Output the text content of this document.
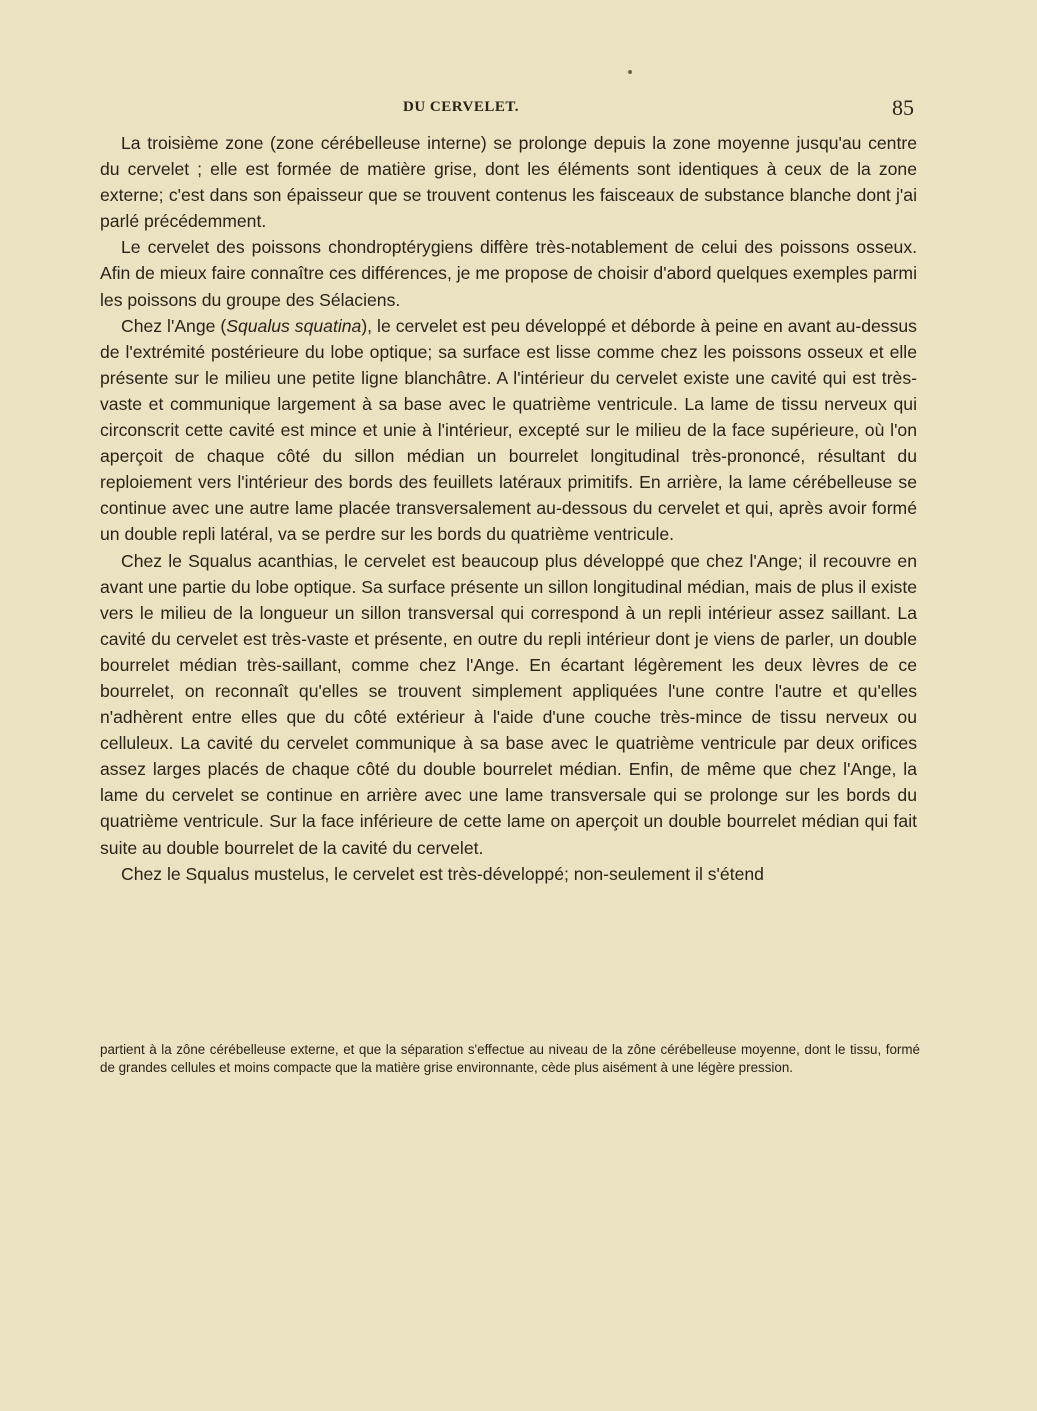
DU CERVELET.	85

La troisième zone (zone cérébelleuse interne) se prolonge depuis la zone moyenne jusqu'au centre du cervelet ; elle est formée de matière grise, dont les éléments sont identiques à ceux de la zone externe; c'est dans son épaisseur que se trouvent contenus les faisceaux de substance blanche dont j'ai parlé précédemment.

Le cervelet des poissons chondroptérygiens diffère très-notablement de celui des poissons osseux. Afin de mieux faire connaître ces différences, je me propose de choisir d'abord quelques exemples parmi les poissons du groupe des Sélaciens.

Chez l'Ange (Squalus squatina), le cervelet est peu développé et déborde à peine en avant au-dessus de l'extrémité postérieure du lobe optique; sa surface est lisse comme chez les poissons osseux et elle présente sur le milieu une petite ligne blanchâtre. A l'intérieur du cervelet existe une cavité qui est très-vaste et communique largement à sa base avec le quatrième ventricule. La lame de tissu nerveux qui circonscrit cette cavité est mince et unie à l'intérieur, excepté sur le milieu de la face supérieure, où l'on aperçoit de chaque côté du sillon médian un bourrelet longitudinal très-prononcé, résultant du reploiement vers l'intérieur des bords des feuillets latéraux primitifs. En arrière, la lame cérébelleuse se continue avec une autre lame placée transversalement au-dessous du cervelet et qui, après avoir formé un double repli latéral, va se perdre sur les bords du quatrième ventricule.

Chez le Squalus acanthias, le cervelet est beaucoup plus développé que chez l'Ange; il recouvre en avant une partie du lobe optique. Sa surface présente un sillon longitudinal médian, mais de plus il existe vers le milieu de la longueur un sillon transversal qui correspond à un repli intérieur assez saillant. La cavité du cervelet est très-vaste et présente, en outre du repli intérieur dont je viens de parler, un double bourrelet médian très-saillant, comme chez l'Ange. En écartant légèrement les deux lèvres de ce bourrelet, on reconnaît qu'elles se trouvent simplement appliquées l'une contre l'autre et qu'elles n'adhèrent entre elles que du côté extérieur à l'aide d'une couche très-mince de tissu nerveux ou celluleux. La cavité du cervelet communique à sa base avec le quatrième ventricule par deux orifices assez larges placés de chaque côté du double bourrelet médian. Enfin, de même que chez l'Ange, la lame du cervelet se continue en arrière avec une lame transversale qui se prolonge sur les bords du quatrième ventricule. Sur la face inférieure de cette lame on aperçoit un double bourrelet médian qui fait suite au double bourrelet de la cavité du cervelet.

Chez le Squalus mustelus, le cervelet est très-développé; non-seulement il s'étend

partient à la zône cérébelleuse externe, et que la séparation s'effectue au niveau de la zône cérébelleuse moyenne, dont le tissu, formé de grandes cellules et moins compacte que la matière grise environnante, cède plus aisément à une légère pression.
